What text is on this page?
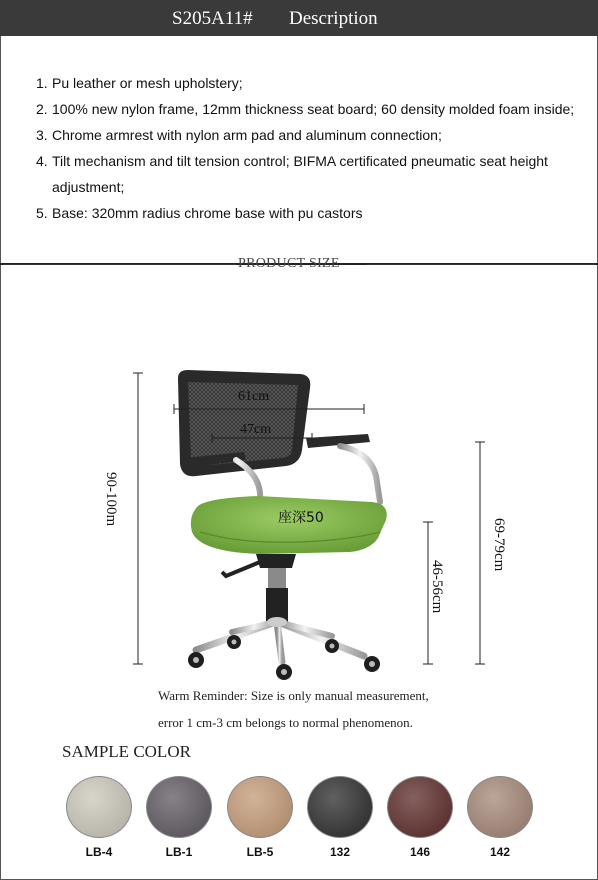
S205A11# Description
1. Pu leather or mesh upholstery;
2. 100% new nylon frame, 12mm thickness seat board; 60 density molded foam inside;
3. Chrome armrest with nylon arm pad and aluminum connection;
4. Tilt mechanism and tilt tension control; BIFMA certificated pneumatic seat height adjustment;
5. Base: 320mm radius chrome base with pu castors
PRODUCT SIZE
61cm
47cm
座深50
90-100m
69-79cm
46-56cm
Warm Reminder: Size is only manual measurement,
error 1 cm-3 cm belongs to normal phenomenon.
SAMPLE COLOR
LB-4	LB-1	LB-5	132	146	142
